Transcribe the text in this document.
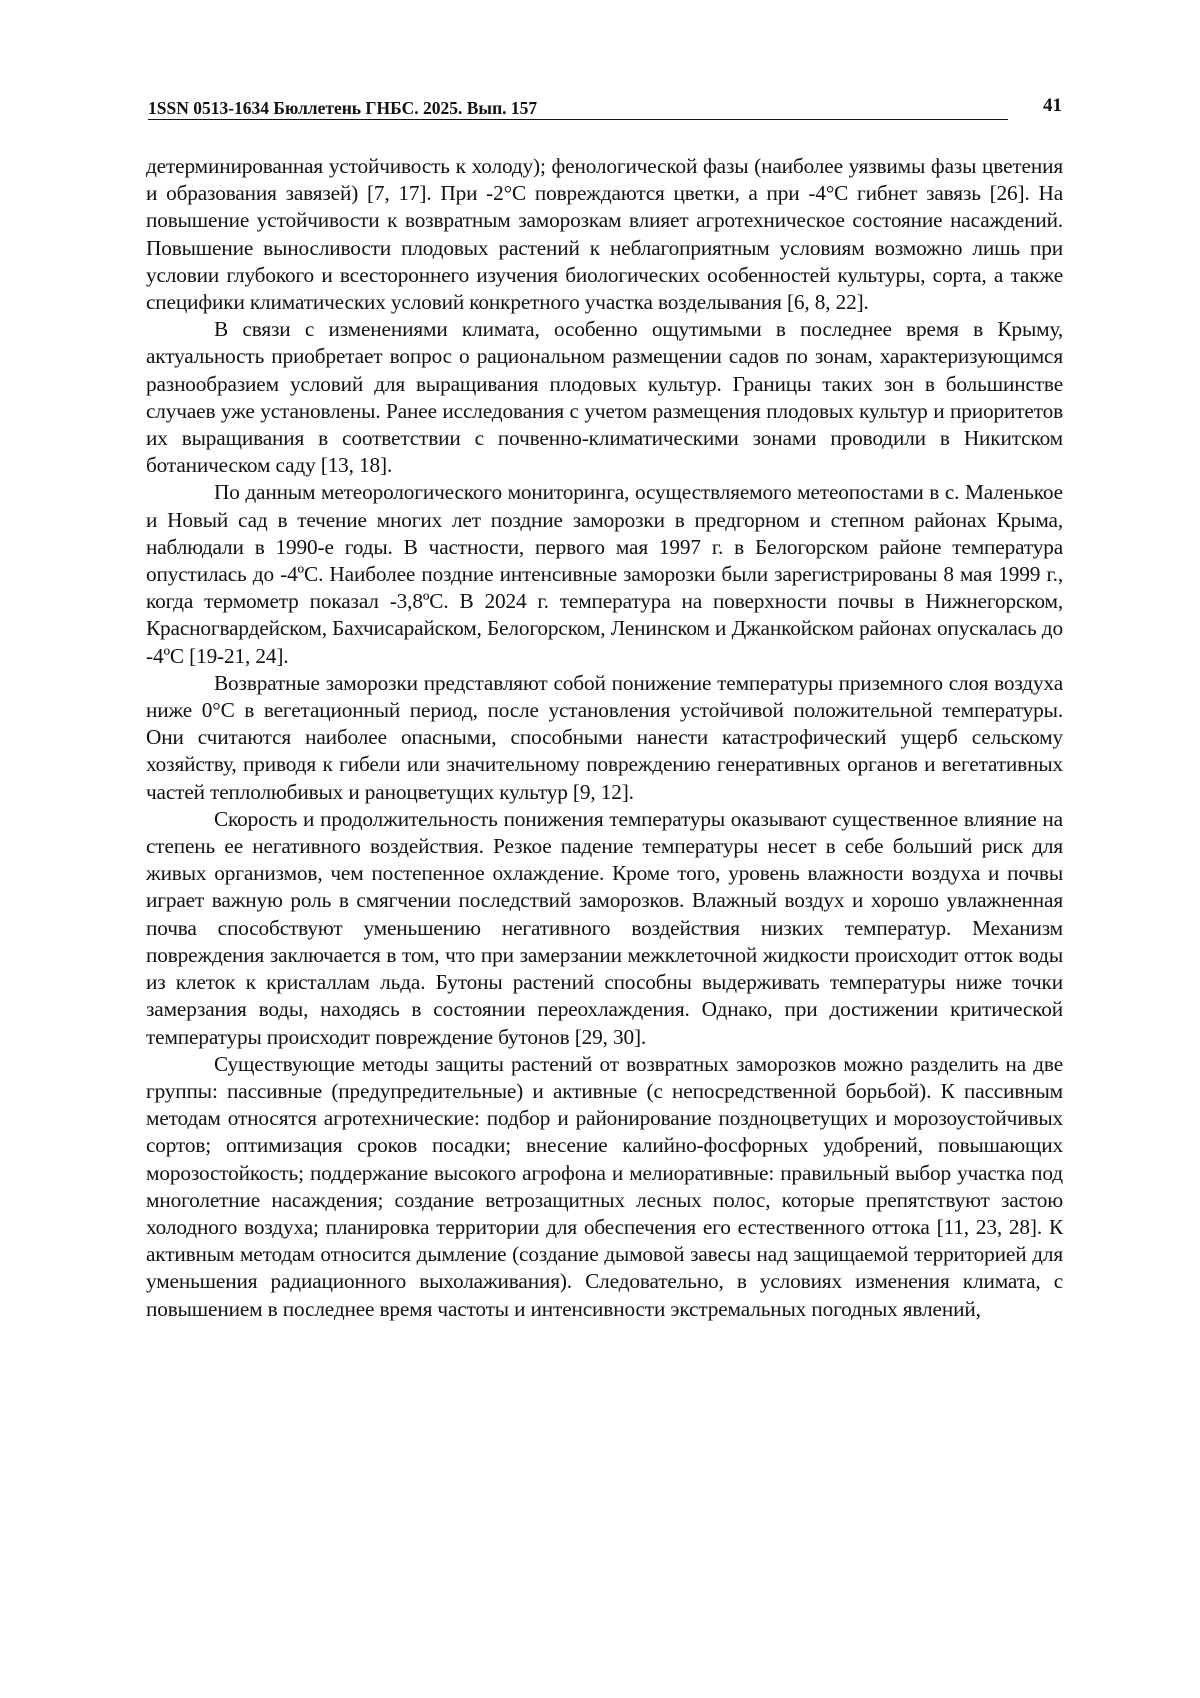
1SSN 0513-1634 Бюллетень ГНБС. 2025. Вып. 157	41

детерминированная устойчивость к холоду); фенологической фазы (наиболее уязвимы фазы цветения и образования завязей) [7, 17]. При -2°C повреждаются цветки, а при -4°C гибнет завязь [26]. На повышение устойчивости к возвратным заморозкам влияет агротехническое состояние насаждений. Повышение выносливости плодовых растений к неблагоприятным условиям возможно лишь при условии глубокого и всестороннего изучения биологических особенностей культуры, сорта, а также специфики климатических условий конкретного участка возделывания [6, 8, 22].

В связи с изменениями климата, особенно ощутимыми в последнее время в Крыму, актуальность приобретает вопрос о рациональном размещении садов по зонам, характеризующимся разнообразием условий для выращивания плодовых культур. Границы таких зон в большинстве случаев уже установлены. Ранее исследования с учетом размещения плодовых культур и приоритетов их выращивания в соответствии с почвенно-климатическими зонами проводили в Никитском ботаническом саду [13, 18].

По данным метеорологического мониторинга, осуществляемого метеопостами в с. Маленькое и Новый сад в течение многих лет поздние заморозки в предгорном и степном районах Крыма, наблюдали в 1990-е годы. В частности, первого мая 1997 г. в Белогорском районе температура опустилась до -4ºС. Наиболее поздние интенсивные заморозки были зарегистрированы 8 мая 1999 г., когда термометр показал -3,8ºС. В 2024 г. температура на поверхности почвы в Нижнегорском, Красногвардейском, Бахчисарайском, Белогорском, Ленинском и Джанкойском районах опускалась до -4ºС [19-21, 24].

Возвратные заморозки представляют собой понижение температуры приземного слоя воздуха ниже 0°С в вегетационный период, после установления устойчивой положительной температуры. Они считаются наиболее опасными, способными нанести катастрофический ущерб сельскому хозяйству, приводя к гибели или значительному повреждению генеративных органов и вегетативных частей теплолюбивых и раноцветущих культур [9, 12].

Скорость и продолжительность понижения температуры оказывают существенное влияние на степень ее негативного воздействия. Резкое падение температуры несет в себе больший риск для живых организмов, чем постепенное охлаждение. Кроме того, уровень влажности воздуха и почвы играет важную роль в смягчении последствий заморозков. Влажный воздух и хорошо увлажненная почва способствуют уменьшению негативного воздействия низких температур. Механизм повреждения заключается в том, что при замерзании межклеточной жидкости происходит отток воды из клеток к кристаллам льда. Бутоны растений способны выдерживать температуры ниже точки замерзания воды, находясь в состоянии переохлаждения. Однако, при достижении критической температуры происходит повреждение бутонов [29, 30].

Существующие методы защиты растений от возвратных заморозков можно разделить на две группы: пассивные (предупредительные) и активные (с непосредственной борьбой). К пассивным методам относятся агротехнические: подбор и районирование поздноцветущих и морозоустойчивых сортов; оптимизация сроков посадки; внесение калийно-фосфорных удобрений, повышающих морозостойкость; поддержание высокого агрофона и мелиоративные: правильный выбор участка под многолетние насаждения; создание ветрозащитных лесных полос, которые препятствуют застою холодного воздуха; планировка территории для обеспечения его естественного оттока [11, 23, 28]. К активным методам относится дымление (создание дымовой завесы над защищаемой территорией для уменьшения радиационного выхолаживания). Следовательно, в условиях изменения климата, с повышением в последнее время частоты и интенсивности экстремальных погодных явлений,
